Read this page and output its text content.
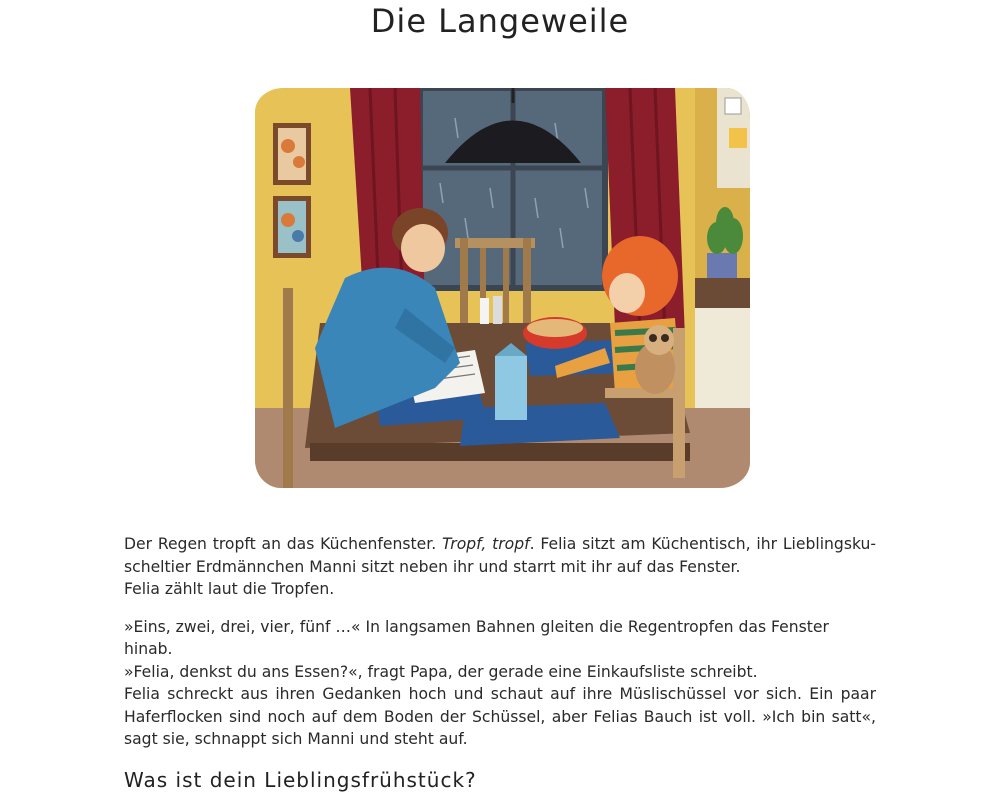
Die Langeweile

Der Regen tropft an das Küchenfenster. Tropf, tropf. Felia sitzt am Küchentisch, ihr Lieblingsku-
scheltier Erdmännchen Manni sitzt neben ihr und starrt mit ihr auf das Fenster.
Felia zählt laut die Tropfen.

»Eins, zwei, drei, vier, fünf …« In langsamen Bahnen gleiten die Regentropfen das Fenster hinab.
»Felia, denkst du ans Essen?«, fragt Papa, der gerade eine Einkaufsliste schreibt.
Felia schreckt aus ihren Gedanken hoch und schaut auf ihre Müslischüssel vor sich. Ein paar
Haferflocken sind noch auf dem Boden der Schüssel, aber Felias Bauch ist voll. »Ich bin satt«,
sagt sie, schnappt sich Manni und steht auf.

Was ist dein Lieblingsfrühstück?
